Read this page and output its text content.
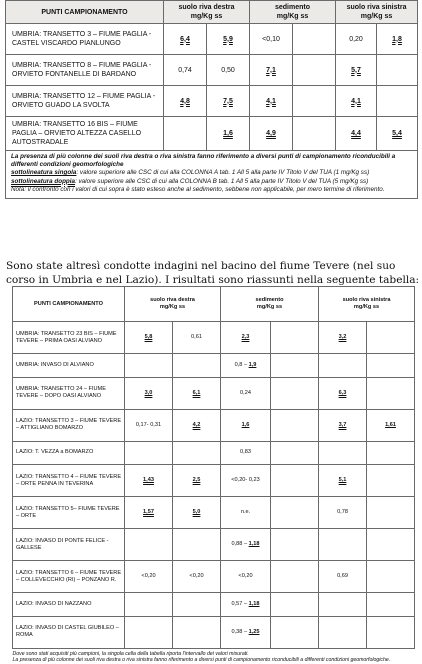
PUNTI CAMPIONAMENTO	suolo riva destra
mg/Kg ss		sedimento
mg/Kg ss		suolo riva sinistra
mg/Kg ss	

UMBRIA: TRANSETTO 3 – FIUME PAGLIA - CASTEL VISCARDO PIANLUNGO	6,4	5,9	<0,10		0,20	1,8
UMBRIA: TRANSETTO 8 – FIUME PAGLIA - ORVIETO FONTANELLE DI BARDANO	0,74	0,50	7,1		5,7	
UMBRIA: TRANSETTO 12 – FIUME PAGLIA - ORVIETO GUADO LA SVOLTA	4,8	7,5	4,1		4,1	
UMBRIA: TRANSETTO 16 BIS – FIUME PAGLIA – ORVIETO ALTEZZA CASELLO AUTOSTRADALE		1,6	4,9		4,4	5,4

La presenza di più colonne dei suoli riva destra o riva sinistra fanno riferimento a diversi punti di campionamento riconducibili a differenti condizioni geomorfologiche
sottolineatura singola: valore superiore alle CSC di cui alla COLONNA A tab. 1 All 5 alla parte IV Titolo V del TUA (1 mg/Kg ss)
sottolineatura doppia: valore superiore alle CSC di cui alla COLONNA B tab. 1 All 5 alla parte IV Titolo V del TUA (5 mg/Kg ss)
Nota: il confronto con i valori di cui sopra è stato esteso anche al sedimento, sebbene non applicabile, per mero termine di riferimento.						

Sono state altresì condotte indagini nel bacino del fiume Tevere (nel suo corso in Umbria e nel Lazio). I risultati sono riassunti nella seguente tabella:

PUNTI CAMPIONAMENTO	suolo riva destra
mg/Kg ss		sedimento
mg/Kg ss		suolo riva sinistra
mg/Kg ss	

UMBRIA: TRANSETTO 23 BIS – FIUME TEVERE – PRIMA OASI ALVIANO	5,8	0,61	2,3		3,2	
UMBRIA: INVASO DI ALVIANO			0,8 – 1,9			
UMBRIA: TRANSETTO 24 – FIUME TEVERE – DOPO OASI ALVIANO	3,0	6,1	0,24		6,3	
LAZIO: TRANSETTO 3 – FIUME TEVERE – ATTIGLIANO BOMARZO	0,17- 0,31	4,2	1,6		3,7	1,61
LAZIO: T. VEZZA a BOMARZO			0,83			
LAZIO: TRANSETTO 4 – FIUME TEVERE – ORTE PENNA IN TEVERINA	1,43	2,5	<0,20- 0,23		5,1	
LAZIO: TRANSETTO 5– FIUME TEVERE – ORTE	1,57	5,0	n.e.		0,78	
LAZIO: INVASO DI PONTE FELICE - GALLESE			0,88 – 1,18			
LAZIO: TRANSETTO 6 – FIUME TEVERE – COLLEVECCHIO (RI) – PONZANO R.	<0,20	<0,20	<0,20		0,69	
LAZIO: INVASO DI NAZZANO			0,57 – 1,18			
LAZIO: INVASO DI CASTEL GIUBILEO – ROMA			0,38 – 1,25			

Dove sono stati acquisiti più campioni, la singola cella della tabella riporta l'intervallo dei valori misurati.
La presenza di più colonne dei suoli riva destra o riva sinistra fanno riferimento a diversi punti di campionamento riconducibili a differenti condizioni geomorfologiche.						
